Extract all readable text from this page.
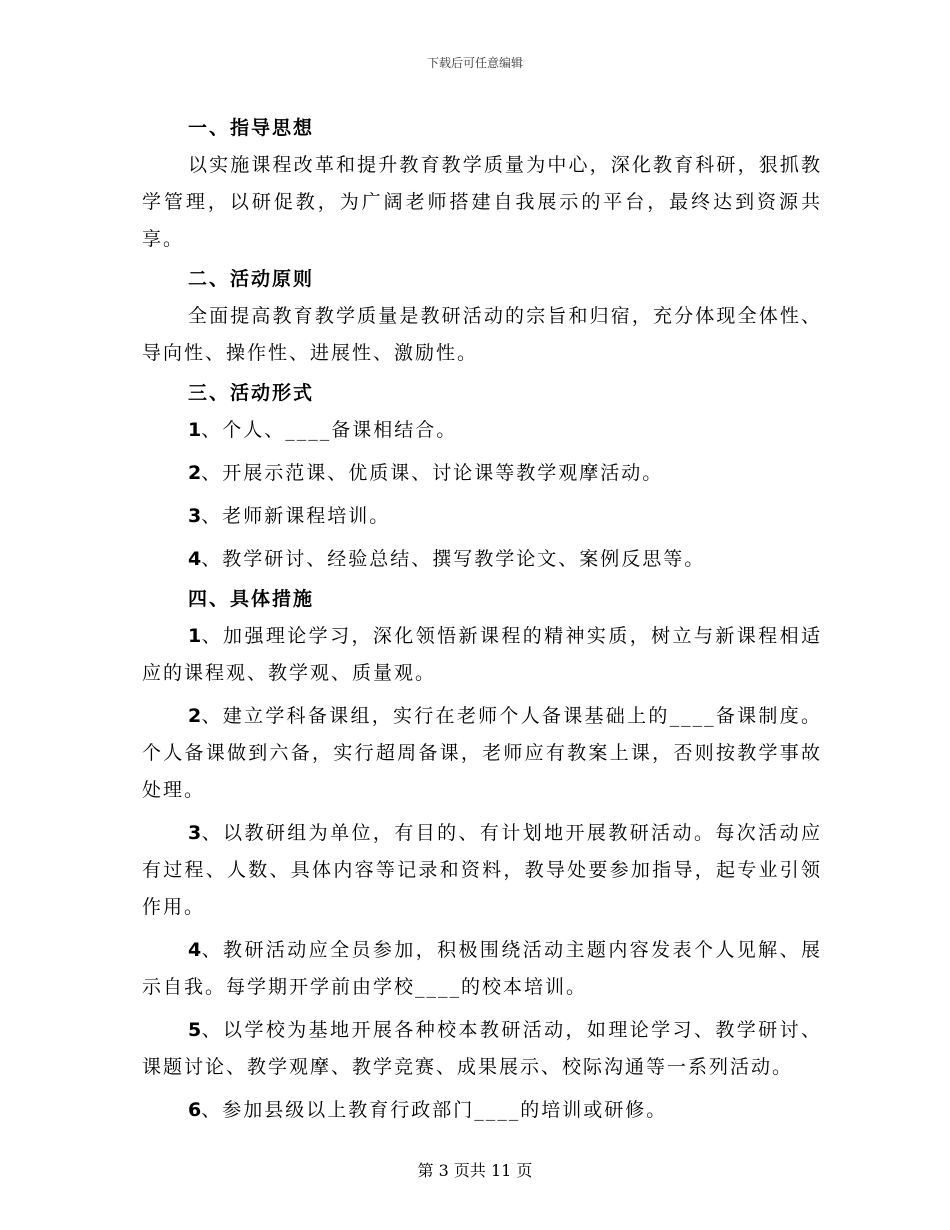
下载后可任意编辑

一、指导思想

以实施课程改革和提升教育教学质量为中心，深化教育科研，狠抓教学管理，以研促教，为广阔老师搭建自我展示的平台，最终达到资源共享。

二、活动原则

全面提高教育教学质量是教研活动的宗旨和归宿，充分体现全体性、导向性、操作性、进展性、激励性。

三、活动形式

1、个人、____备课相结合。

2、开展示范课、优质课、讨论课等教学观摩活动。

3、老师新课程培训。

4、教学研讨、经验总结、撰写教学论文、案例反思等。

四、具体措施

1、加强理论学习，深化领悟新课程的精神实质，树立与新课程相适应的课程观、教学观、质量观。

2、建立学科备课组，实行在老师个人备课基础上的____备课制度。个人备课做到六备，实行超周备课，老师应有教案上课，否则按教学事故处理。

3、以教研组为单位，有目的、有计划地开展教研活动。每次活动应有过程、人数、具体内容等记录和资料，教导处要参加指导，起专业引领作用。

4、教研活动应全员参加，积极围绕活动主题内容发表个人见解、展示自我。每学期开学前由学校____的校本培训。

5、以学校为基地开展各种校本教研活动，如理论学习、教学研讨、课题讨论、教学观摩、教学竞赛、成果展示、校际沟通等一系列活动。

6、参加县级以上教育行政部门____的培训或研修。

第 3 页共 11 页
